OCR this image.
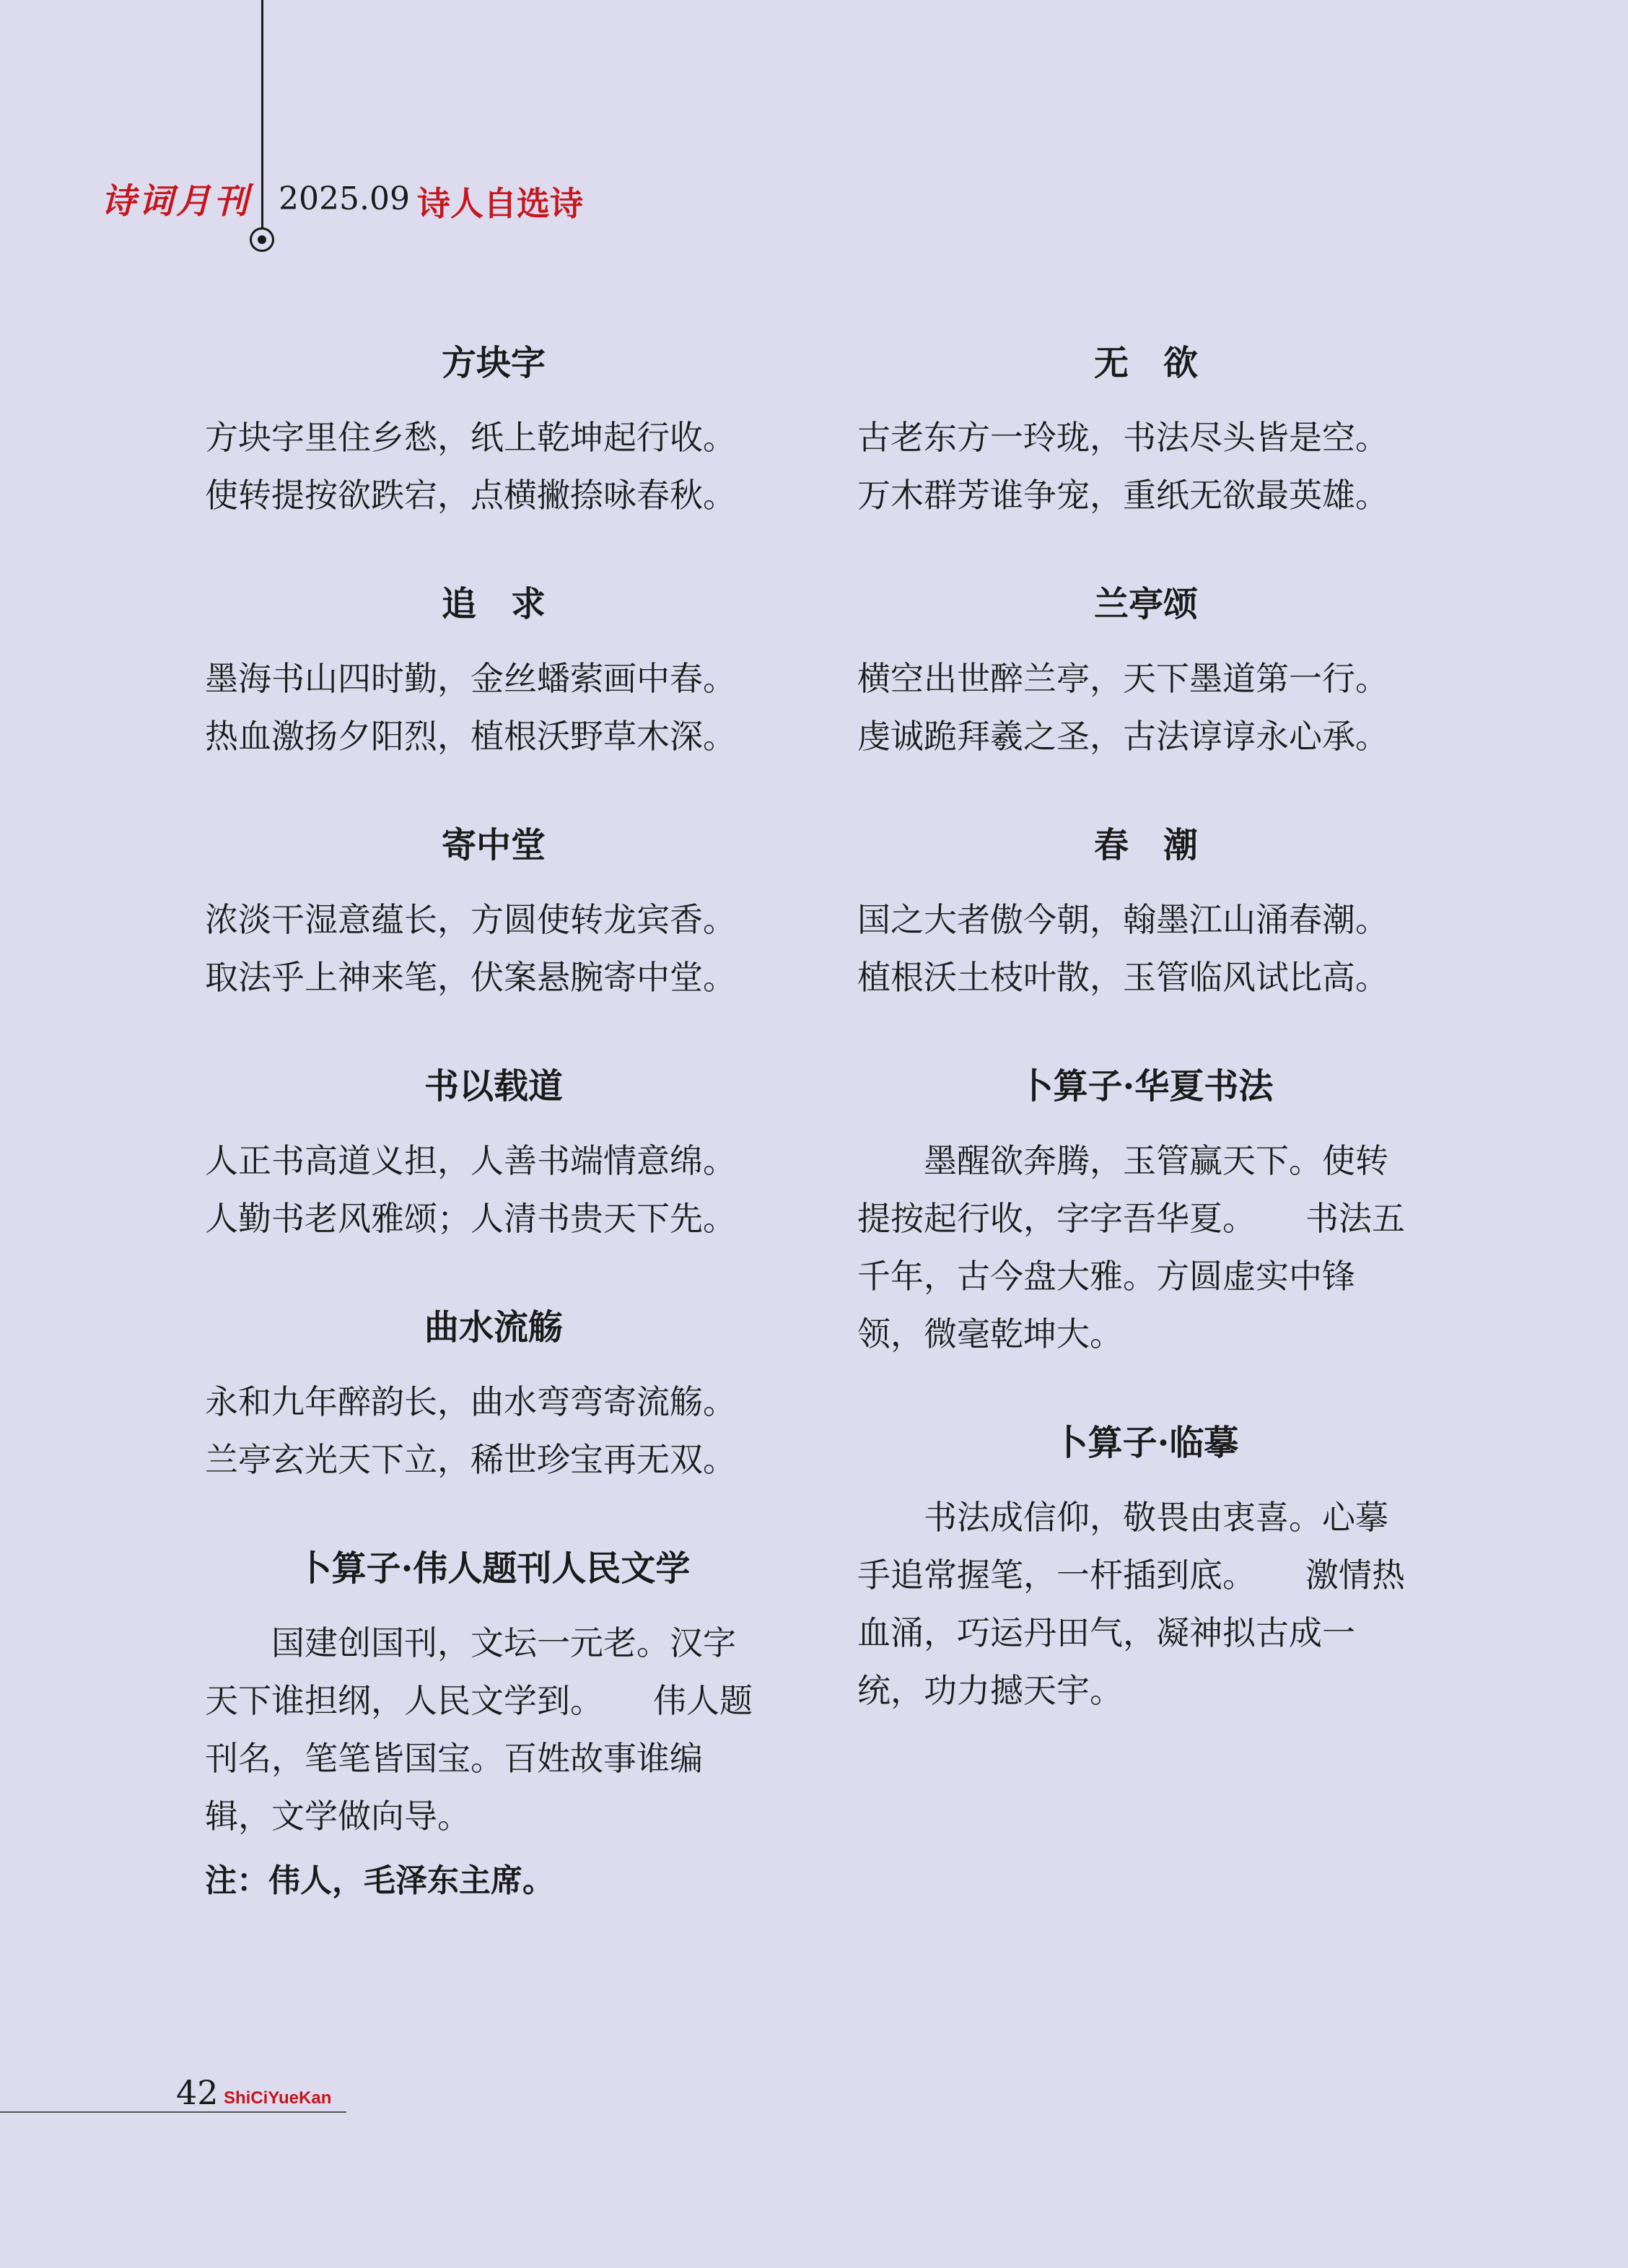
诗词月刊 2025.09 诗人自选诗
方块字
方块字里住乡愁，纸上乾坤起行收。
使转提按欲跌宕，点横撇捺咏春秋。
追　求
墨海书山四时勤，金丝蟠萦画中春。
热血激扬夕阳烈，植根沃野草木深。
寄中堂
浓淡干湿意蕴长，方圆使转龙宾香。
取法乎上神来笔，伏案悬腕寄中堂。
书以载道
人正书高道义担，人善书端情意绵。
人勤书老风雅颂；人清书贵天下先。
曲水流觞
永和九年醉韵长，曲水弯弯寄流觞。
兰亭玄光天下立，稀世珍宝再无双。
卜算子·伟人题刊人民文学
国建创国刊，文坛一元老。汉字天下谁担纲，人民文学到。　　伟人题刊名，笔笔皆国宝。百姓故事谁编辑，文学做向导。
注：伟人，毛泽东主席。
无　欲
古老东方一玲珑，书法尽头皆是空。
万木群芳谁争宠，重纸无欲最英雄。
兰亭颂
横空出世醉兰亭，天下墨道第一行。
虔诚跪拜羲之圣，古法谆谆永心承。
春　潮
国之大者傲今朝，翰墨江山涌春潮。
植根沃土枝叶散，玉管临风试比高。
卜算子·华夏书法
墨醒欲奔腾，玉管赢天下。使转提按起行收，字字吾华夏。　　书法五千年，古今盘大雅。方圆虚实中锋领，微毫乾坤大。
卜算子·临摹
书法成信仰，敬畏由衷喜。心摹手追常握笔，一杆插到底。　　激情热血涌，巧运丹田气，凝神拟古成一统，功力撼天宇。
42 ShiCiYueKan
